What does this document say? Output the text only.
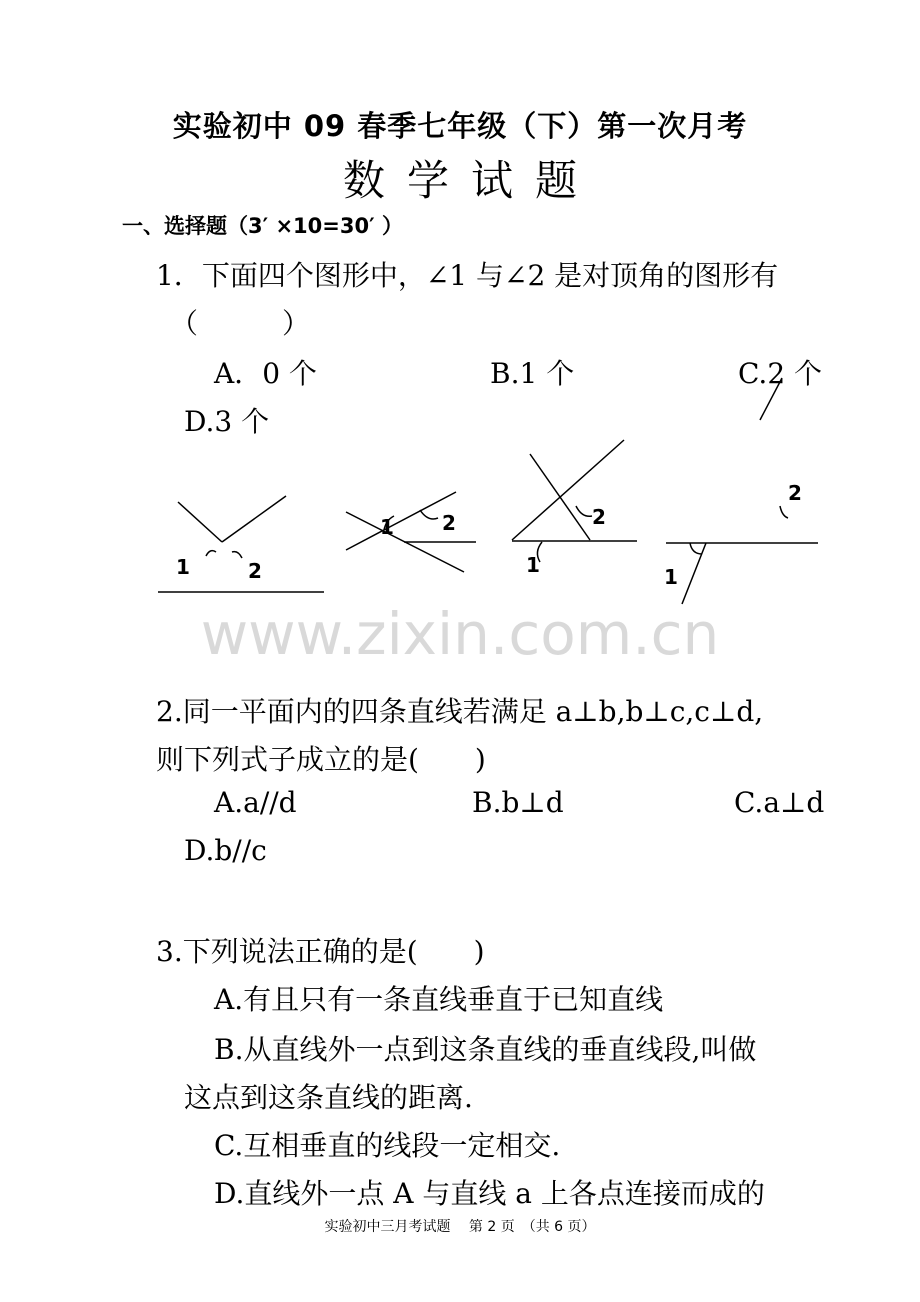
实验初中 09 春季七年级（下）第一次月考
数学试题
一、选择题（3′ ×10=30′ ）
1．下面四个图形中，∠1 与∠2 是对顶角的图形有
（　　　）
A．0 个	B.1 个	C.2 个
D.3 个
1	2
1 2	2
1
2
1
www.zixin.com.cn
2.同一平面内的四条直线若满足 a⊥b,b⊥c,c⊥d,
则下列式子成立的是(　　)
A.a//d	B.b⊥d	C.a⊥d
D.b//c
3.下列说法正确的是(　　)
A.有且只有一条直线垂直于已知直线
B.从直线外一点到这条直线的垂直线段,叫做
这点到这条直线的距离.
C.互相垂直的线段一定相交.
D.直线外一点 A 与直线 a 上各点连接而成的
实验初中三月考试题　 第 2 页　（共 6 页）
